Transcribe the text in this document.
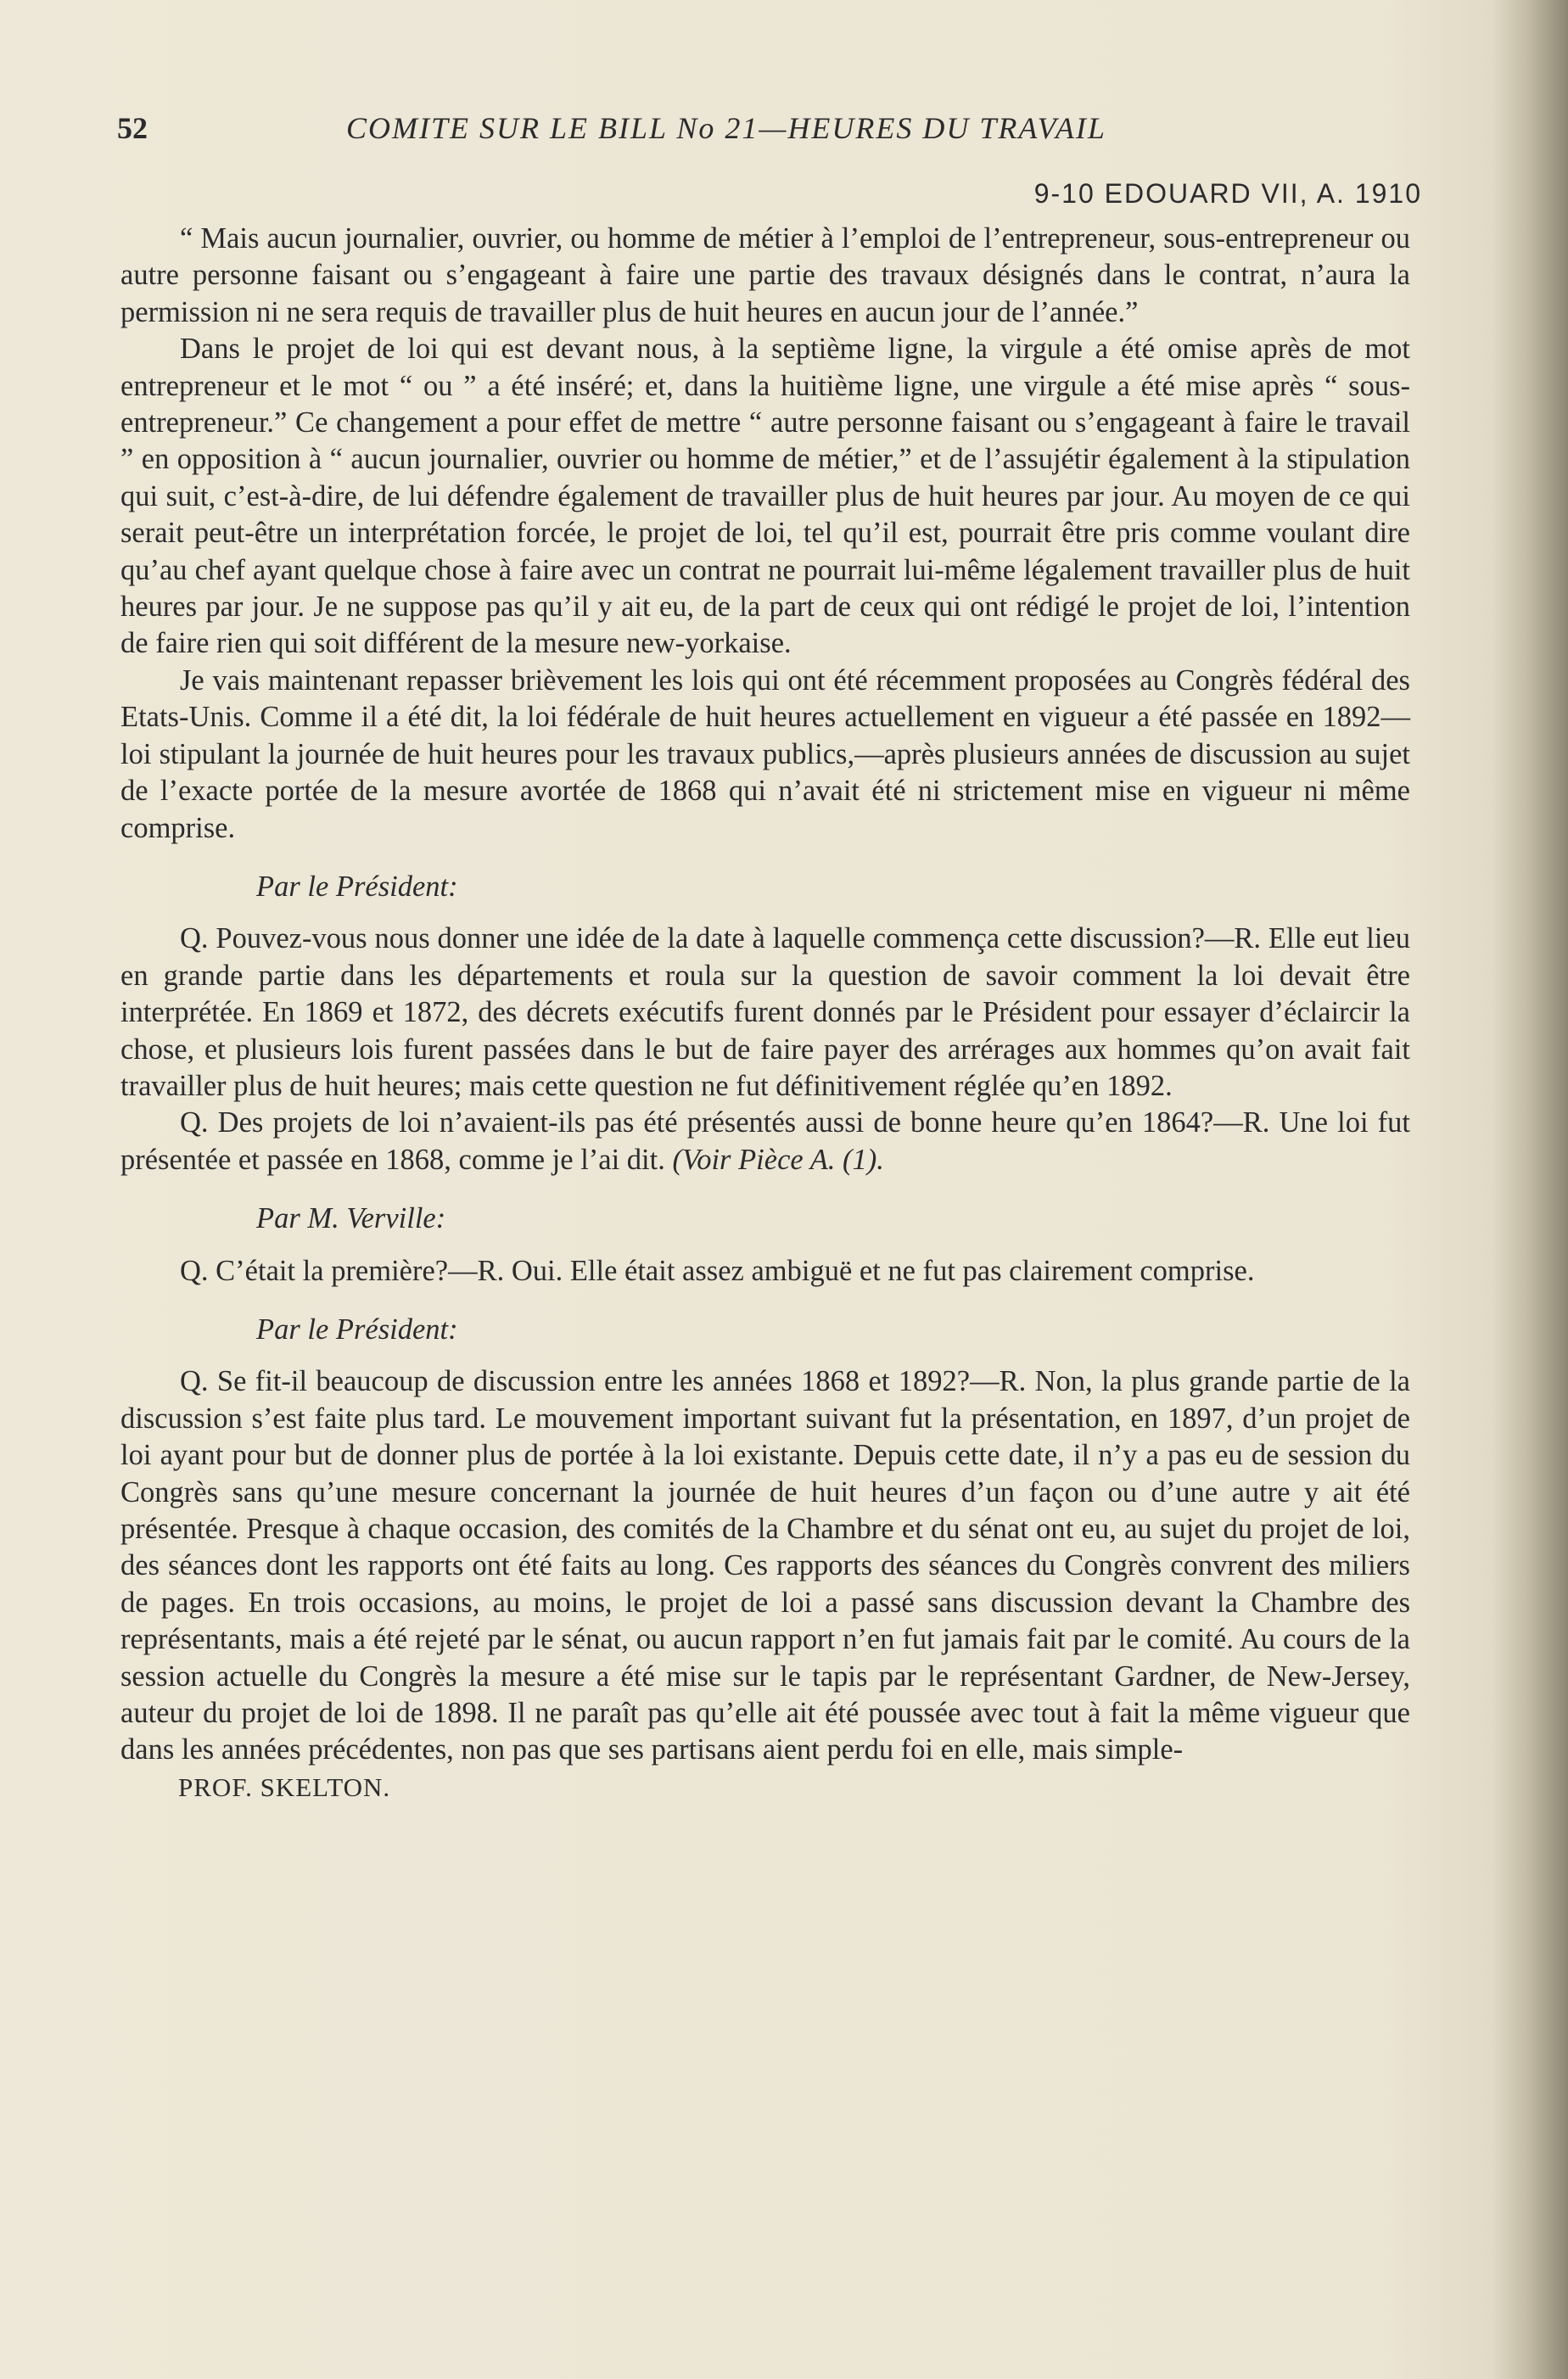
52	COMITE SUR LE BILL No 21—HEURES DU TRAVAIL
9-10 EDOUARD VII, A. 1910

“ Mais aucun journalier, ouvrier, ou homme de métier à l’emploi de l’entrepreneur, sous-entrepreneur ou autre personne faisant ou s’engageant à faire une partie des travaux désignés dans le contrat, n’aura la permission ni ne sera requis de travailler plus de huit heures en aucun jour de l’année.”

Dans le projet de loi qui est devant nous, à la septième ligne, la virgule a été omise après de mot entrepreneur et le mot “ ou ” a été inséré; et, dans la huitième ligne, une virgule a été mise après “ sous-entrepreneur.” Ce changement a pour effet de mettre “ autre personne faisant ou s’engageant à faire le travail ” en opposition à “ aucun journalier, ouvrier ou homme de métier,” et de l’assujétir également à la stipulation qui suit, c’est-à-dire, de lui défendre également de travailler plus de huit heures par jour. Au moyen de ce qui serait peut-être un interprétation forcée, le projet de loi, tel qu’il est, pourrait être pris comme voulant dire qu’au chef ayant quelque chose à faire avec un contrat ne pourrait lui-même légalement travailler plus de huit heures par jour. Je ne suppose pas qu’il y ait eu, de la part de ceux qui ont rédigé le projet de loi, l’intention de faire rien qui soit différent de la mesure new-yorkaise.

Je vais maintenant repasser brièvement les lois qui ont été récemment proposées au Congrès fédéral des Etats-Unis. Comme il a été dit, la loi fédérale de huit heures actuellement en vigueur a été passée en 1892—loi stipulant la journée de huit heures pour les travaux publics,—après plusieurs années de discussion au sujet de l’exacte portée de la mesure avortée de 1868 qui n’avait été ni strictement mise en vigueur ni même comprise.

Par le Président:

Q. Pouvez-vous nous donner une idée de la date à laquelle commença cette discussion?—R. Elle eut lieu en grande partie dans les départements et roula sur la question de savoir comment la loi devait être interprétée. En 1869 et 1872, des décrets exécutifs furent donnés par le Président pour essayer d’éclaircir la chose, et plusieurs lois furent passées dans le but de faire payer des arrérages aux hommes qu’on avait fait travailler plus de huit heures; mais cette question ne fut définitivement réglée qu’en 1892.

Q. Des projets de loi n’avaient-ils pas été présentés aussi de bonne heure qu’en 1864?—R. Une loi fut présentée et passée en 1868, comme je l’ai dit. (Voir Pièce A. (1).

Par M. Verville:

Q. C’était la première?—R. Oui. Elle était assez ambiguë et ne fut pas clairement comprise.

Par le Président:

Q. Se fit-il beaucoup de discussion entre les années 1868 et 1892?—R. Non, la plus grande partie de la discussion s’est faite plus tard. Le mouvement important suivant fut la présentation, en 1897, d’un projet de loi ayant pour but de donner plus de portée à la loi existante. Depuis cette date, il n’y a pas eu de session du Congrès sans qu’une mesure concernant la journée de huit heures d’un façon ou d’une autre y ait été présentée. Presque à chaque occasion, des comités de la Chambre et du sénat ont eu, au sujet du projet de loi, des séances dont les rapports ont été faits au long. Ces rapports des séances du Congrès convrent des miliers de pages. En trois occasions, au moins, le projet de loi a passé sans discussion devant la Chambre des représentants, mais a été rejeté par le sénat, ou aucun rapport n’en fut jamais fait par le comité. Au cours de la session actuelle du Congrès la mesure a été mise sur le tapis par le représentant Gardner, de New-Jersey, auteur du projet de loi de 1898. Il ne paraît pas qu’elle ait été poussée avec tout à fait la même vigueur que dans les années précédentes, non pas que ses partisans aient perdu foi en elle, mais simple-

PROF. SKELTON.
